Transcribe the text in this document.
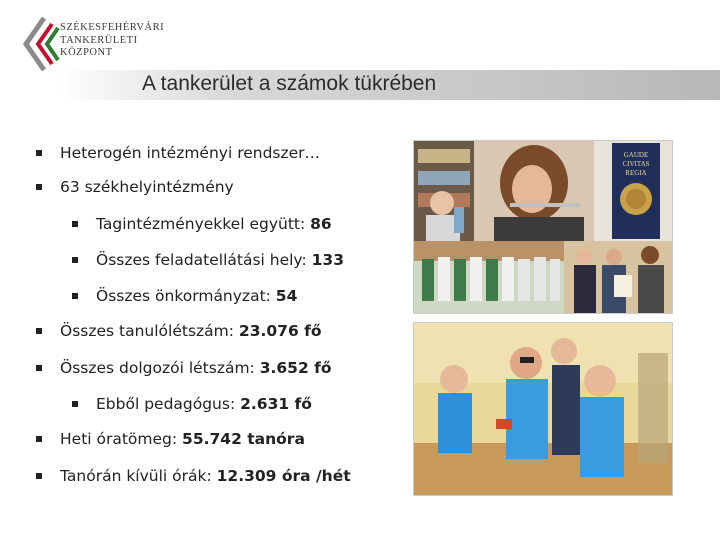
SZÉKESFEHÉRVÁRI
TANKERÜLETI
KÖZPONT
A tankerület a számok tükrében
Heterogén intézményi rendszer…
63 székhelyintézmény
Tagintézményekkel együtt: 86
Összes feladatellátási hely: 133
Összes önkormányzat: 54
Összes tanulólétszám: 23.076 fő
Összes dolgozói létszám: 3.652 fő
Ebből pedagógus: 2.631 fő
Heti óratömeg: 55.742 tanóra
Tanórán kívüli órák: 12.309 óra /hét
GAUDE
CIVITAS
REGIA
